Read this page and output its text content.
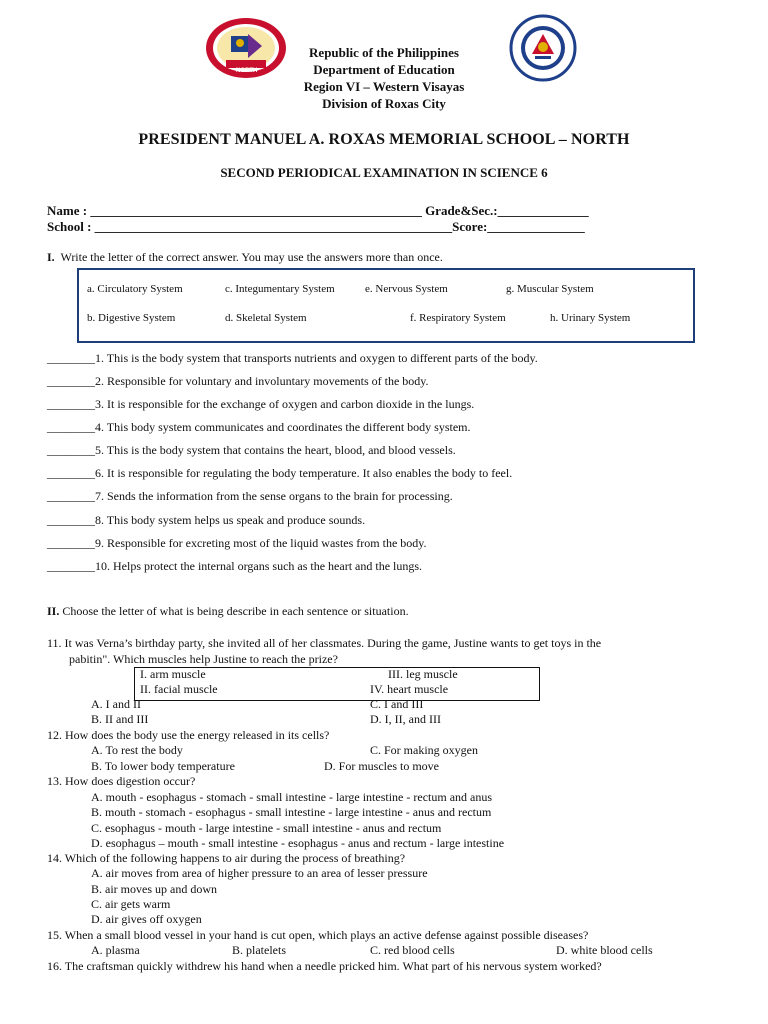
NORTH
Republic of the Philippines
Department of Education
Region VI – Western Visayas
Division of Roxas City
PRESIDENT MANUEL A. ROXAS MEMORIAL SCHOOL – NORTH
SECOND PERIODICAL EXAMINATION IN SCIENCE 6
Name : ___________________________________________________ Grade&Sec.:______________
School : _______________________________________________________Score:_______________
I. Write the letter of the correct answer. You may use the answers more than once.
a. Circulatory System	c. Integumentary System	e. Nervous System	g. Muscular System
b. Digestive System	d. Skeletal System	f. Respiratory System	h. Urinary System
________1. This is the body system that transports nutrients and oxygen to different parts of the body.
________2. Responsible for voluntary and involuntary movements of the body.
________3. It is responsible for the exchange of oxygen and carbon dioxide in the lungs.
________4. This body system communicates and coordinates the different body system.
________5. This is the body system that contains the heart, blood, and blood vessels.
________6. It is responsible for regulating the body temperature. It also enables the body to feel.
________7. Sends the information from the sense organs to the brain for processing.
________8. This body system helps us speak and produce sounds.
________9. Responsible for excreting most of the liquid wastes from the body.
________10. Helps protect the internal organs such as the heart and the lungs.
II. Choose the letter of what is being describe in each sentence or situation.
11. It was Verna’s birthday party, she invited all of her classmates. During the game, Justine wants to get toys in the
pabitin". Which muscles help Justine to reach the prize?
I. arm muscle	III. leg muscle
II. facial muscle	IV. heart muscle
A. I and II	C. I and III
B. II and III	D. I, II, and III
12. How does the body use the energy released in its cells?
A. To rest the body	C. For making oxygen
B. To lower body temperature	D. For muscles to move
13. How does digestion occur?
A. mouth - esophagus - stomach - small intestine - large intestine - rectum and anus
B. mouth - stomach - esophagus - small intestine - large intestine - anus and rectum
C. esophagus - mouth - large intestine - small intestine - anus and rectum
D. esophagus – mouth - small intestine - esophagus - anus and rectum - large intestine
14. Which of the following happens to air during the process of breathing?
A. air moves from area of higher pressure to an area of lesser pressure
B. air moves up and down
C. air gets warm
D. air gives off oxygen
15. When a small blood vessel in your hand is cut open, which plays an active defense against possible diseases?
A. plasma	B. platelets	C. red blood cells	D. white blood cells
16. The craftsman quickly withdrew his hand when a needle pricked him. What part of his nervous system worked?
